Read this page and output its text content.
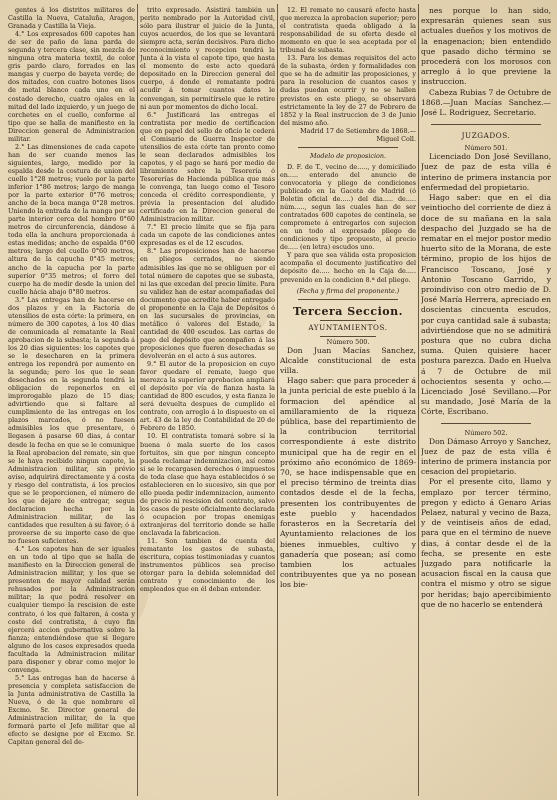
gentes á los distritos militares de Castilla la Nueva, Cataluña, Aragon, Granada y Castilla la Vieja.

4.° Los expresados 600 capotes han de ser de paño de lana parda de segunda y tercera clase, sin mezcla de ninguna otra materia textil, de color gris pardo claro, forrados en las mangas y cuerpo de bayeta verde; de dos mitades, con cuatro botones lisos de metal blanco cada uno en el costado derecho, cuatro ojales en la mitad del lado izquierdo, y un juego de corchetes en el cuello, conforme al tipo que se halla de manifiesto en la Direccion general de Administracion militar.

2.° Las dimensiones de cada capote han de ser cuando menos las siguientes, largo, medido por la espalda desde la costura de union del cuello 1°28 metros; vuelo por la parte inferior 1°86 metros; largo de manga por la parte exterior 0°76 metros; ancho de la boca manga 0°28 metros. Uniendo la entrada de la manga por su parte interior cerca del hombro 0°60 metros de circunferencia, dándose á toda ella la anchura proporcionada á estas medidas; ancho de espalda 0°60 metros; largo del cuello 0°60 metros, altura de la capucha 0°45 metros; ancho de la capucha por la parte superior 0°35 metros; el forro del cuerpo ha de medir desde la union del cuello hácia abajo 0°80 metros.

3.° Las entregas han de hacerse en dos plazos y en la Factoría de utensilios de esta córte: la primera, en número de 300 capotes, á los 40 dias de comunicada al rematante la Real aprobacion de la subasta; la segunda á los 20 dias siguientes: los capotes que se le desecharen en la primera entrega los repondrá por aumento en la segunda; pero los que le sean desechados en la segunda tendrá la obligacion de reponerlos en el improrogable plazo de 15 dias; advirtiendo que si faltare al cumplimiento de las entregas en los plazos marcados, ó no fuesen admisibles los que presentare, ó llegasen á pasarse 60 dias, á contar desde la fecha en que se le comunique la Real aprobacion del remate, sin que se le haya recibido ningun capote, la Administracion militar, sin prévio aviso, adquirirá directamente y á costa y riesgo del contratista, á los precios que se le proporcionen, el número de los que dejare de entregar, segun declaracion hecha por la Administracion militar, de las cantidades que resulten á su favor; ó á proveerse de su importe caso de que no fuesen suficientes.

4.° Los capotes han de ser iguales en un todo al tipo que se halla de manifiesto en la Direccion general de Administracion militar, y los que se presenten de mayor calidad serán rehusados por la Administracion militar; la que podrá resolver en cualquier tiempo la rescision de este contrato, ó los que faltaren, á costa y coste del contratista, á cuyo fin ejercerá accion gubernativa sobre la fianza; entendiéndose que si llegare alguno de los casos expresados queda facultada la Administracion militar para disponer y obrar como mejor le convenga.

5.° Las entregas han de hacerse á presencia y completa satisfaccion de la Junta administrativa de Castilla la Nueva, ó de la que nombrare el Excmo. Sr. Director general de Administracion militar, de la que formará parte el Jefe militar que al efecto se designe por el Excmo. Sr. Capitan general del de-

trito expresado. Asistirá también un perito nombrado por la Autoridad civil, sólo para ilustrar el juicio de la Junta, cuyos acuerdos, de los que se levantará siempre acta, serán decisivos. Para dicho reconocimiento y recepcion tendrá la Junta á la vista el capote tipo, que hasta el momento de este acto quedará depositado en la Direccion general del cuerpo, á donde el rematante podrá acudir á tomar cuantos datos le convengan, sin permitírsele que le retire ni aun por momentos de dicho local.

6.° Justificará las entregas el contratista por medio de certificacion que en papel del sello de oficio le cederá el Comisario de Guerra Inspector de utensilios de esta córte tan pronto como le sean declarados admisibles los capotes, y el pago se hará por medio de libramiento sobre la Tesorería ó Tesorerías de Hacienda pública que más le convenga, tan luego como el Tesoro conceda el crédito correspondiente, y prévia la presentacion del aludido certificado en la Direccion general de Administracion militar.

7.° El precio límite que se fija para cada un capote de las condiciones antes expresadas es el de 12 escudos.

8.° Las proposiciones han de hacerse en pliegos cerrados, no siendo admisibles las que no se obliguen por el total número de capotes que se subasta, ni las que excedan del precio límite. Para su validez han de estar acompañadas del documento que acredite haber entregado el proponente en la Caja de Depósitos ó en las sucursales de provincias, en metálico ó valores del Estado, la cantidad de 400 escudos. Las cartas de pago del depósito que acompañen á las proposiciones que fueren desechadas se devolverán en el acto á sus autores.

9.° El autor de la proposicion en cuyo favor quedare el remate, luego que merezca la superior aprobacion ampliará el depósito por vía de fianza hasta la cantidad de 800 escudos, y esta fianza le será devuelta despues de cumplido el contrato, con arreglo á lo dispuesto en el art. 43 de la ley de Contabilidad de 20 de Febrero de 1850.

10. El contratista tomará sobre sí la buena ó mala suerte de los casos fortuitos, sin que por ningun concepto pueda reclamar indemnizacion, así como si se le recargasen derechos ó impuestos de toda clase que haya establecidos ó se establecieren en lo sucesivo, sin que por ello pueda pedir indemnizacion, aumento de precio ni rescision del contrato, salvo los casos de peste oficialmente declarada ó ocupacion por tropas enemigas extranjeras del territorio donde se halle enclavada la fabricacion.

11. Son tambien de cuenta del rematante los gastos de subasta, escritura, copias testimoniadas y cuantos instrumentos públicos sea preciso otorgar para la debida solemnidad del contrato y conocimiento de los empleados que en él deban entender.

12. El remate no causará efecto hasta que merezca la aprobacion superior; pero el contratista queda obligado á la responsabilidad de su oferta desde el momento en que le sea aceptada por el tribunal de subasta.

13. Para los demas requisitos del acto de la subasta, órden y formalidades con que se ha de admitir las proposiciones, y para la resolucion de cuantos casos y dudas puedan ocurrir y no se hallen previstos en este pliego, se observará estrictamente la ley de 27 de Febrero de 1852 y la Real instruccion de 3 de Junio del mismo año.

Madrid 17 de Setiembre de 1868.—Miguel Coll.

Modelo de proposicion.

D. F. de T., vecino de....., y domiciliado en..... enterado del anuncio de convocatoria y pliego de condiciones publicado en la Gaceta de Madrid (ó Boletin oficial de.....) del dia..... de..... núm....., segun las cuales han de ser contratados 600 capotes de centinela, se compromete á entregarlos con sujecion en un todo al expresado pliego de condiciones y tipo propuesto, al precio de..... (en letra) escudos uno.

Y para que sea válida esta proposicion acompaña el documento justificativo del depósito de..... hecho en la Caja de..... prevenido en la condicion 8.ª del pliego.

(Fecha y firma del proponente.)

Tercera Seccion.
AYUNTAMIENTOS.

Número 500.

Don Juan Macías Sanchez, Alcalde constitucional de esta villa.

Hago saber: que para proceder á la junta pericial de este pueblo á la formacion del apéndice al amillaramiento de la riqueza pública, base del repartimiento de la contribucion territorial correspondiente á este distrito municipal que ha de regir en el próximo año económico de 1869-70, se hace indispensable que en el preciso término de treinta dias contados desde el de la fecha, presenten los contribuyentes de este pueblo y hacendados forasteros en la Secretaría del Ayuntamiento relaciones de los bienes inmuebles, cultivo y ganadería que posean; así como tambien los actuales contribuyentes que ya no posean los bie-

nes porque lo han sido, expresarán quienes sean sus actuales dueños y los motivos de la enagenacion; bien entendido que pasado dicho término se procederá con los morosos con arreglo á lo que previene la instruccion.

Cabeza Rubias 7 de Octubre de 1868.—Juan Macías Sanchez.—José L. Rodriguez, Secretario.

JUZGADOS.

Número 501.

Licenciado Don José Sevillano, Juez de paz de esta villa é interino de primera instancia por enfermedad del propietario.

Hago saber: que en el dia veintiocho del corriente de diez á doce de su mañana en la sala despacho del Juzgado se ha de rematar en el mejor postor medio huerto sito de la Morana, de este término, propio de los hijos de Francisco Toscano, José y Antonio Toscano Garrido, y proindiviso con otro medio de D. José María Herrera, apreciado en doscientas cincuenta escudos, por cuya cantidad sale á subasta; advirtiéndose que no se admitirá postura que no cubra dicha suma. Quien quisiere hacer postura parezca. Dado en Huelva á 7 de Octubre de mil ochocientos sesenta y ocho.—Licenciado José Sevillano.—Por su mandado, José María de la Córte, Escribano.

Número 502.

Don Dámaso Arroyo y Sanchez, Juez de paz de esta villa é interino de primera instancia por cesacion del propietario.

Por el presente cito, llamo y emplazo por tercer término, pregon y edicto á Genaro Arias Pelaez, natural y vecino de Baza, y de veintiseis años de edad, para que en el término de nueve dias, á contar desde el de la fecha, se presente en este Juzgado para notificarle la acusacion fiscal en la causa que contra el mismo y otro se sigue por heridas; bajo apercibimiento que de no hacerlo se entenderá
